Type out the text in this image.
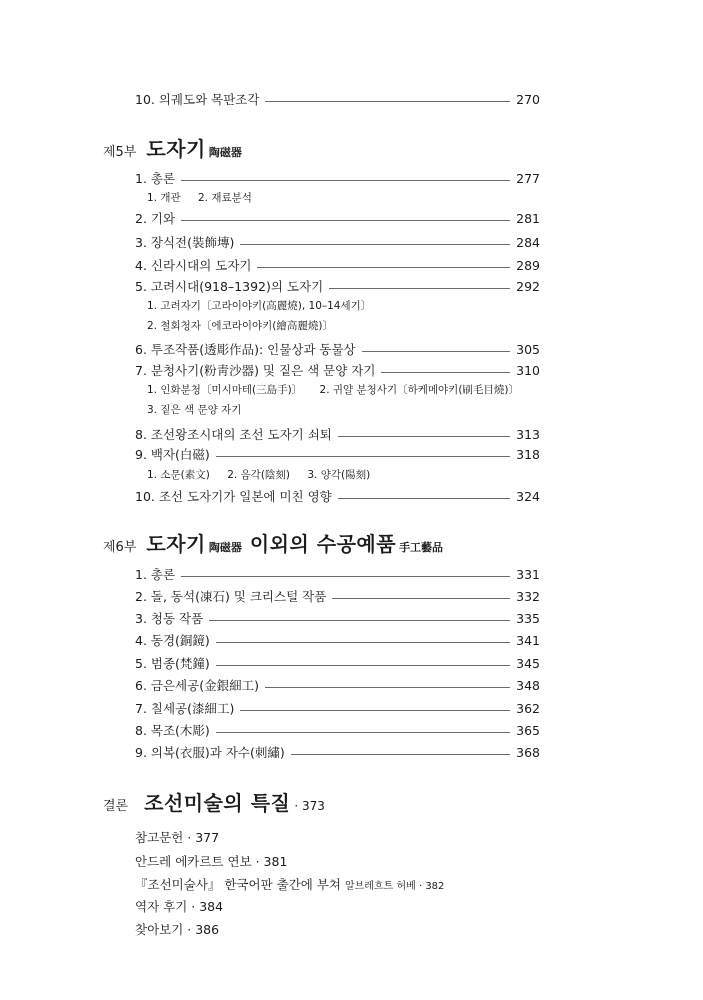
10. 의궤도와 목판조각	270
제5부 도자기 陶磁器
1. 총론	277
1. 개관 2. 재료분석
2. 기와	281
3. 장식전(裝飾塼)	284
4. 신라시대의 도자기	289
5. 고려시대(918–1392)의 도자기	292
1. 고려자기〔고라이야키(高麗燒), 10–14세기〕
2. 철회청자〔에코라이야키(繪高麗燒)〕
6. 투조작품(透彫作品): 인물상과 동물상	305
7. 분청사기(粉靑沙器) 및 짙은 색 문양 자기	310
1. 인화분청〔미시마테(三島手)〕 2. 귀얄 분청사기〔하케메야키(刷毛目燒)〕
3. 짙은 색 문양 자기
8. 조선왕조시대의 조선 도자기 쇠퇴	313
9. 백자(白磁)	318
1. 소문(素文) 2. 음각(陰刻) 3. 양각(陽刻)
10. 조선 도자기가 일본에 미친 영향	324
제6부 도자기 陶磁器 이외의 수공예품 手工藝品
1. 총론	331
2. 돌, 동석(凍石) 및 크리스털 작품	332
3. 청동 작품	335
4. 동경(銅鏡)	341
5. 범종(梵鐘)	345
6. 금은세공(金銀細工)	348
7. 칠세공(漆細工)	362
8. 목조(木彫)	365
9. 의복(衣服)과 자수(刺繡)	368
결론 조선미술의 특질 · 373
참고문헌 · 377
안드레 에카르트 연보 · 381
『조선미술사』 한국어판 출간에 부쳐 알브레흐트 허베 · 382
역자 후기 · 384
찾아보기 · 386
